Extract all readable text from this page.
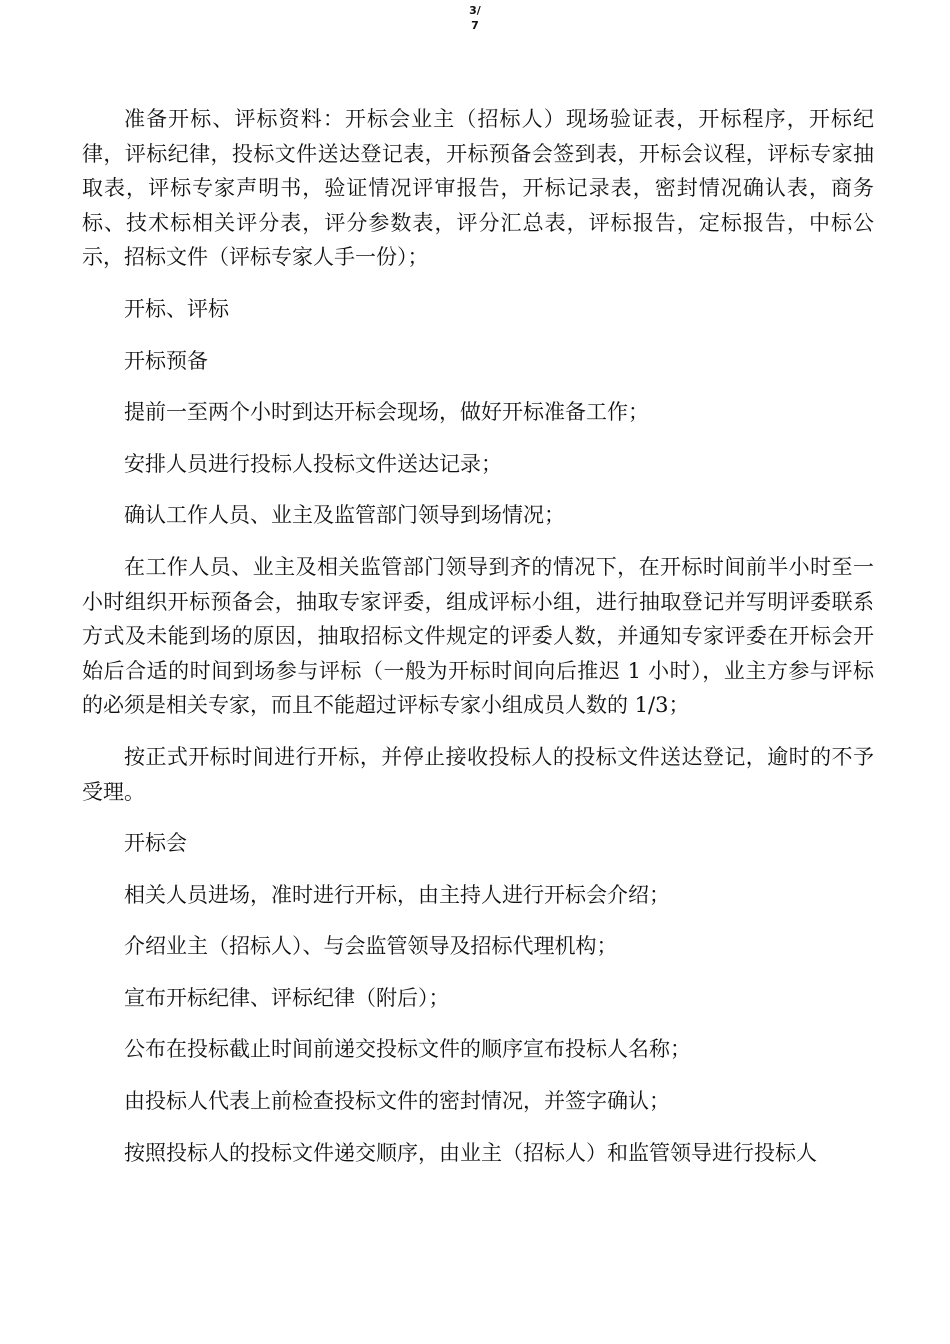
3/
7

准备开标、评标资料：开标会业主（招标人）现场验证表，开标程序，开标纪律，评标纪律，投标文件送达登记表，开标预备会签到表，开标会议程，评标专家抽取表，评标专家声明书，验证情况评审报告，开标记录表，密封情况确认表，商务标、技术标相关评分表，评分参数表，评分汇总表，评标报告，定标报告，中标公示，招标文件（评标专家人手一份）；

开标、评标

开标预备

提前一至两个小时到达开标会现场，做好开标准备工作；

安排人员进行投标人投标文件送达记录；

确认工作人员、业主及监管部门领导到场情况；

在工作人员、业主及相关监管部门领导到齐的情况下，在开标时间前半小时至一小时组织开标预备会，抽取专家评委，组成评标小组，进行抽取登记并写明评委联系方式及未能到场的原因，抽取招标文件规定的评委人数，并通知专家评委在开标会开始后合适的时间到场参与评标（一般为开标时间向后推迟 1 小时），业主方参与评标的必须是相关专家，而且不能超过评标专家小组成员人数的 1/3；

按正式开标时间进行开标，并停止接收投标人的投标文件送达登记，逾时的不予受理。

开标会

相关人员进场，准时进行开标，由主持人进行开标会介绍；

介绍业主（招标人）、与会监管领导及招标代理机构；

宣布开标纪律、评标纪律（附后）；

公布在投标截止时间前递交投标文件的顺序宣布投标人名称；

由投标人代表上前检查投标文件的密封情况，并签字确认；

按照投标人的投标文件递交顺序，由业主（招标人）和监管领导进行投标人
